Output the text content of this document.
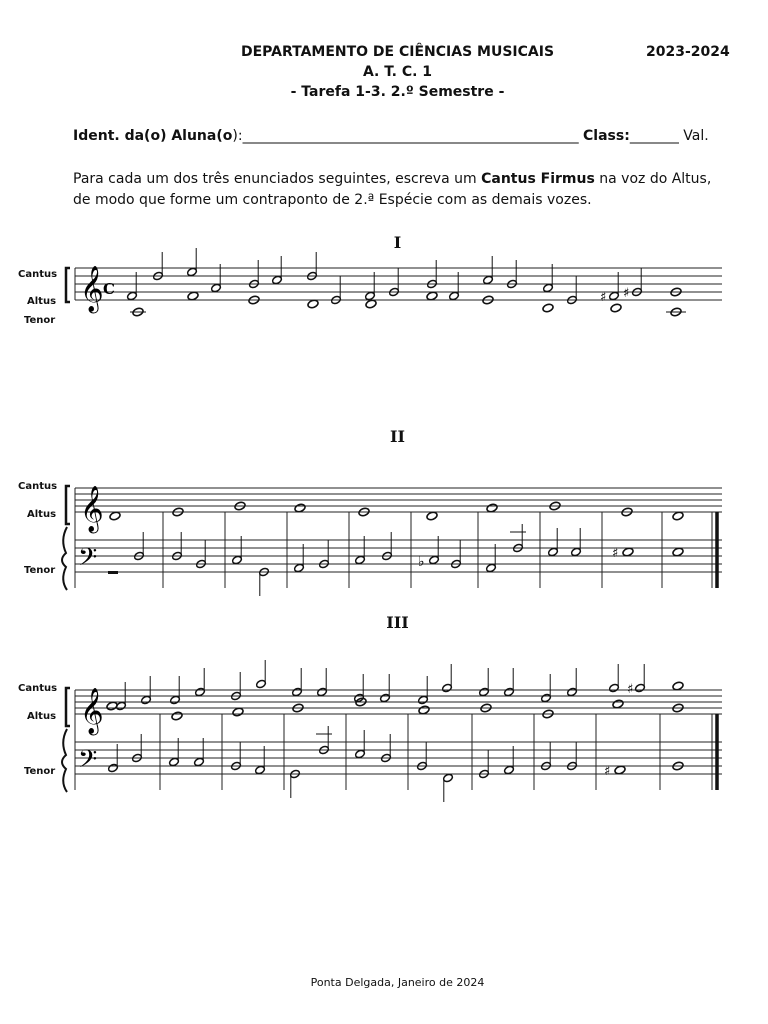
DEPARTAMENTO DE CIÊNCIAS MUSICAIS
A. T. C. 1
- Tarefa 1-3. 2.º Semestre -
2023-2024
Ident. da(o) Aluna(o):________________________________________________ Class:_______ Val.
Para cada um dos três enunciados seguintes, escreva um Cantus Firmus na voz do Altus,
de modo que forme um contraponto de 2.ª Espécie com as demais vozes.
I
II
III
Cantus
Altus
Tenor
Cantus
Altus
Tenor
Cantus
Altus
Tenor
𝄞 C	♯ ♯
𝄞
𝄢	♭
♯
𝄞
𝄢
♯
♯
Ponta Delgada, Janeiro de 2024
